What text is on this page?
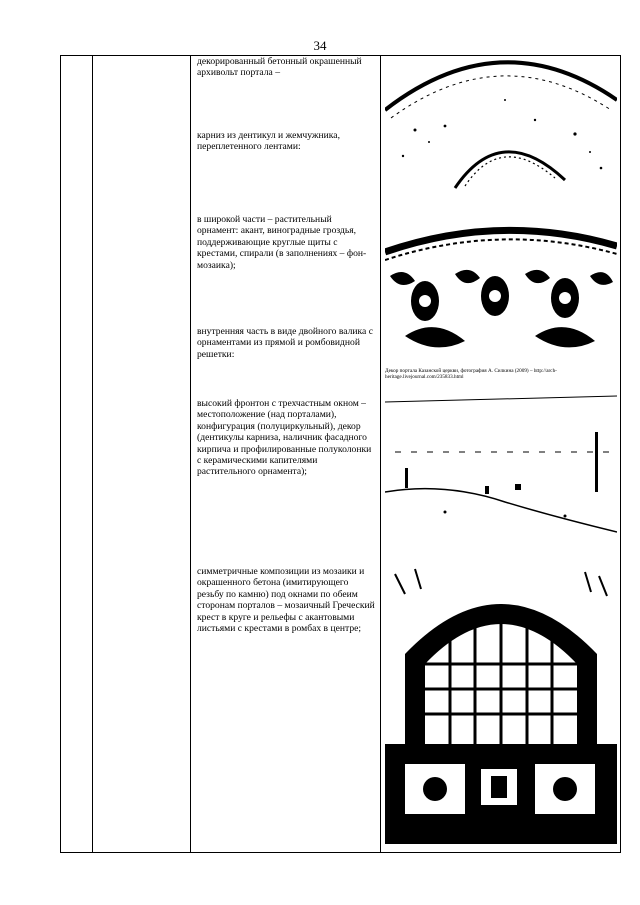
34
декорированный бетонный окрашенный архивольт портала –
карниз из дентикул и жемчужника, переплетенного лентами:
в широкой части – растительный орнамент: акант, виноградные гроздья, поддерживающие круглые щиты с крестами, спирали (в заполнениях – фон-мозаика);
внутренняя часть в виде двойного валика с орнаментами из прямой и ромбовидной решетки:
высокий фронтон с трехчастным окном – местоположение (над порталами), конфигурация (полуциркульный), декор (дентикулы карниза, наличник фасадного кирпича и профилированные полуколонки с керамическими капителями растительного орнамента);
симметричные композиции из мозаики и окрашенного бетона (имитирующего резьбу по камню) под окнами по обеим сторонам порталов – мозаичный Греческий крест в круге и рельефы с акантовыми листьями с крестами в ромбах в центре;
Декор портала Казанской церкви, фотография А. Силкина (2009) – http://arch-heritage.livejournal.com/235833.html
